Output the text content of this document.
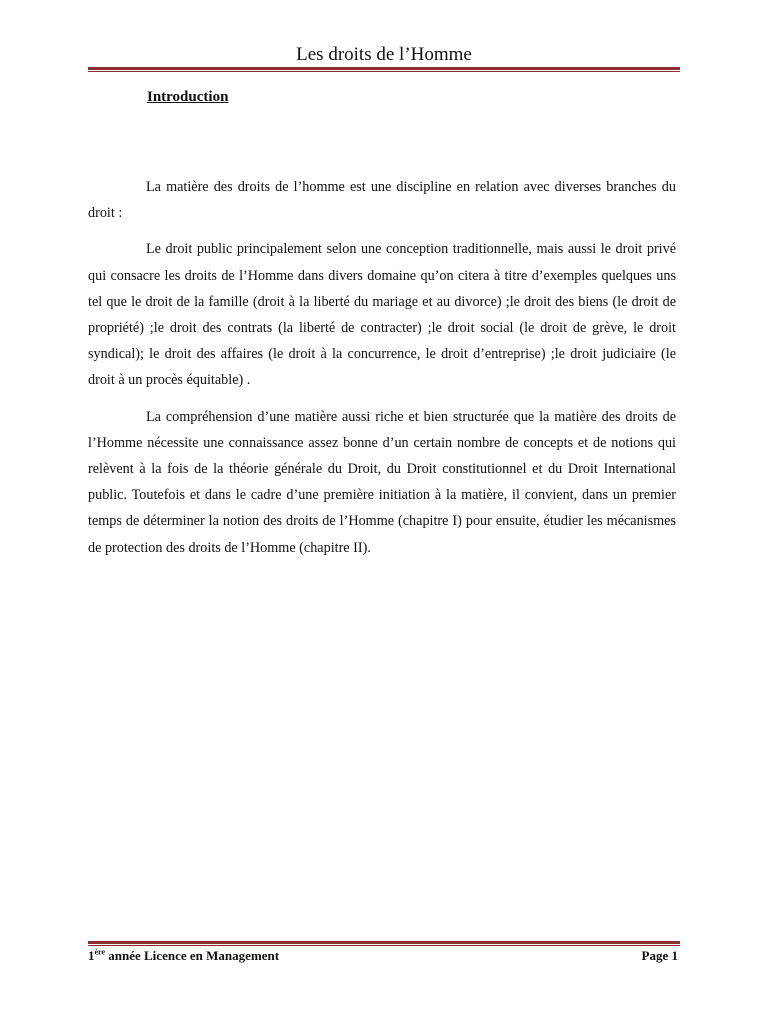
Les droits de l’Homme
Introduction

La matière des droits de l’homme est une discipline en relation avec diverses branches du droit :

Le droit public principalement selon une conception traditionnelle, mais aussi le droit privé qui consacre les droits de l’Homme dans divers domaine qu’on citera à titre d’exemples quelques uns tel que le droit de la famille (droit à la liberté du mariage et au divorce) ;le droit des biens (le droit de propriété) ;le droit des contrats (la liberté de contracter) ;le droit social (le droit de grève, le droit syndical); le droit des affaires (le droit à la concurrence, le droit d’entreprise) ;le droit judiciaire (le droit à un procès équitable) .

La compréhension d’une matière aussi riche et bien structurée que la matière des droits de l’Homme nécessite une connaissance assez bonne d’un certain nombre de concepts et de notions qui relèvent à la fois de la théorie générale du Droit, du Droit constitutionnel et du Droit International public. Toutefois et dans le cadre d’une première initiation à la matière, il convient, dans un premier temps de déterminer la notion des droits de l’Homme (chapitre I) pour ensuite, étudier les mécanismes de protection des droits de l’Homme (chapitre II).

1ère année Licence en Management	Page 1
